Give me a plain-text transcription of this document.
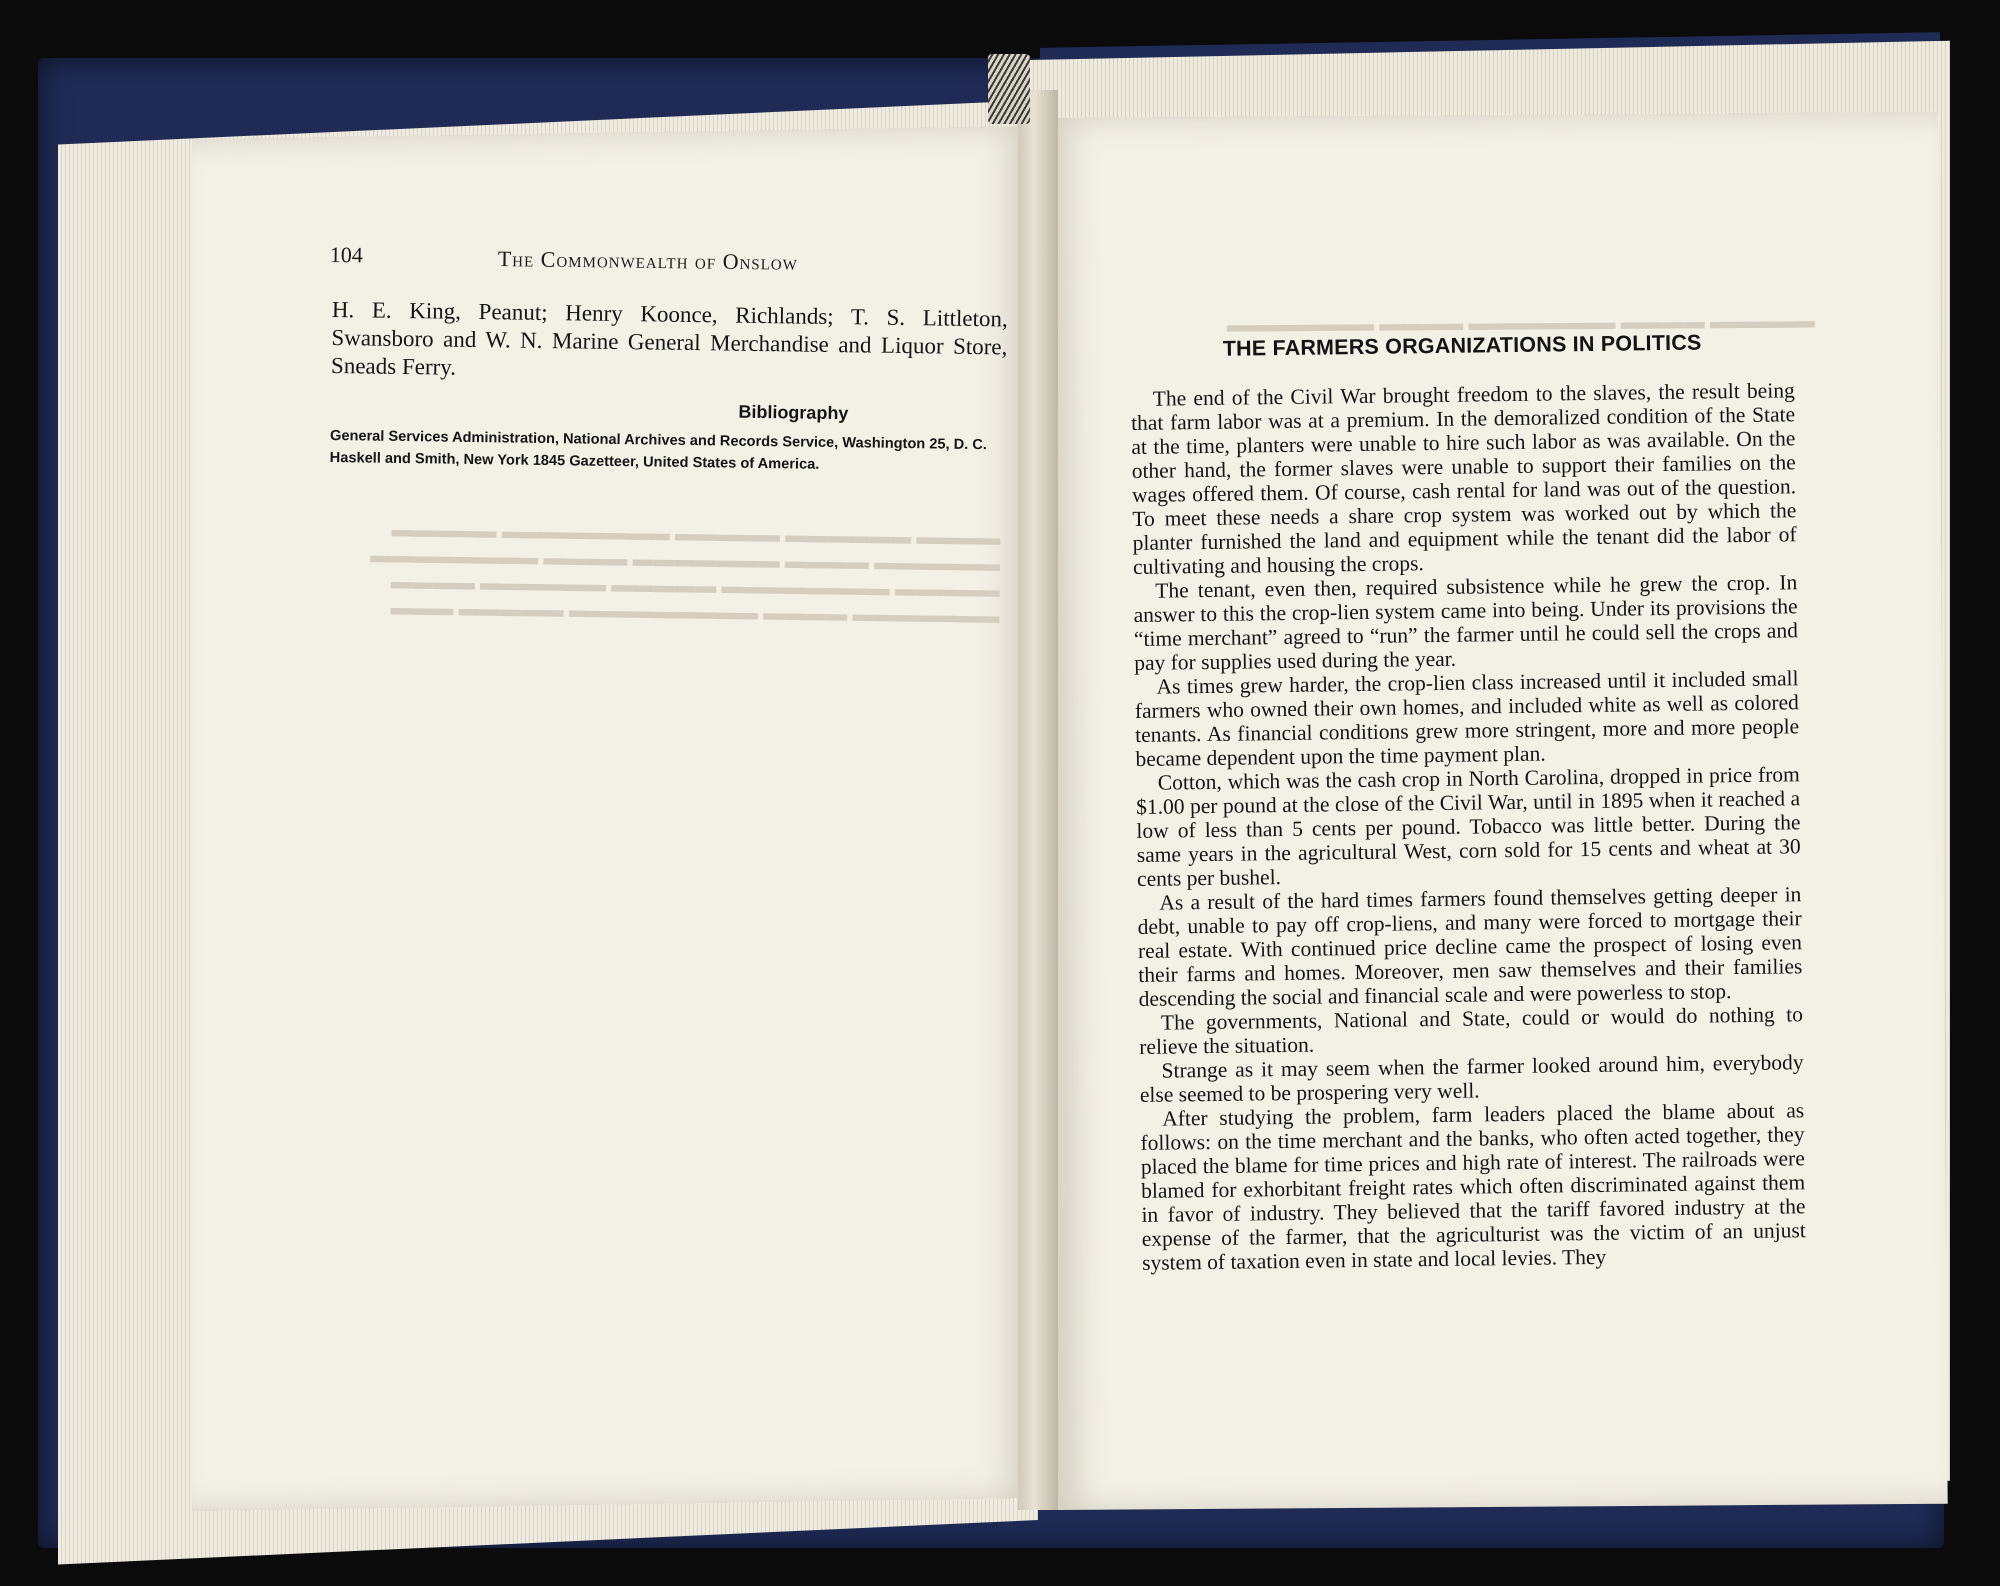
▬▬▬▬ ▬▬▬▬▬▬ ▬▬▬▬▬ ▬▬▬▬▬▬▬▬ ▬▬▬▬▬
▬▬▬▬▬▬ ▬▬▬▬ ▬▬▬▬▬▬▬ ▬▬▬▬ ▬▬▬▬▬▬▬▬
▬▬▬▬▬ ▬▬▬▬▬▬▬▬ ▬▬▬▬▬ ▬▬▬▬▬▬ ▬▬▬▬
▬▬▬▬▬▬▬ ▬▬▬▬ ▬▬▬▬▬▬▬▬▬ ▬▬▬▬▬ ▬▬▬
▬▬▬▬▬ ▬▬▬▬ ▬▬▬▬▬▬▬ ▬▬▬▬ ▬▬▬▬▬▬▬
104	The Commonwealth of Onslow

H. E. King, Peanut; Henry Koonce, Richlands; T. S. Littleton, Swansboro and W. N. Marine General Merchandise and Liquor Store, Sneads Ferry.

Bibliography

General Services Administration, National Archives and Records Service, Washington 25, D. C.

Haskell and Smith, New York 1845 Gazetteer, United States of America.

THE FARMERS ORGANIZATIONS IN POLITICS

The end of the Civil War brought freedom to the slaves, the result being that farm labor was at a premium. In the demoralized condition of the State at the time, planters were unable to hire such labor as was available. On the other hand, the former slaves were unable to support their families on the wages offered them. Of course, cash rental for land was out of the question. To meet these needs a share crop system was worked out by which the planter furnished the land and equipment while the tenant did the labor of cultivating and housing the crops.

The tenant, even then, required subsistence while he grew the crop. In answer to this the crop-lien system came into being. Under its provisions the “time merchant” agreed to “run” the farmer until he could sell the crops and pay for supplies used during the year.

As times grew harder, the crop-lien class increased until it included small farmers who owned their own homes, and included white as well as colored tenants. As financial conditions grew more stringent, more and more people became dependent upon the time payment plan.

Cotton, which was the cash crop in North Carolina, dropped in price from $1.00 per pound at the close of the Civil War, until in 1895 when it reached a low of less than 5 cents per pound. Tobacco was little better. During the same years in the agricultural West, corn sold for 15 cents and wheat at 30 cents per bushel.

As a result of the hard times farmers found themselves getting deeper in debt, unable to pay off crop-liens, and many were forced to mortgage their real estate. With continued price decline came the prospect of losing even their farms and homes. Moreover, men saw themselves and their families descending the social and financial scale and were powerless to stop.

The governments, National and State, could or would do nothing to relieve the situation.

Strange as it may seem when the farmer looked around him, everybody else seemed to be prospering very well.

After studying the problem, farm leaders placed the blame about as follows: on the time merchant and the banks, who often acted together, they placed the blame for time prices and high rate of interest. The railroads were blamed for exhorbitant freight rates which often discriminated against them in favor of industry. They believed that the tariff favored industry at the expense of the farmer, that the agriculturist was the victim of an unjust system of taxation even in state and local levies. They
